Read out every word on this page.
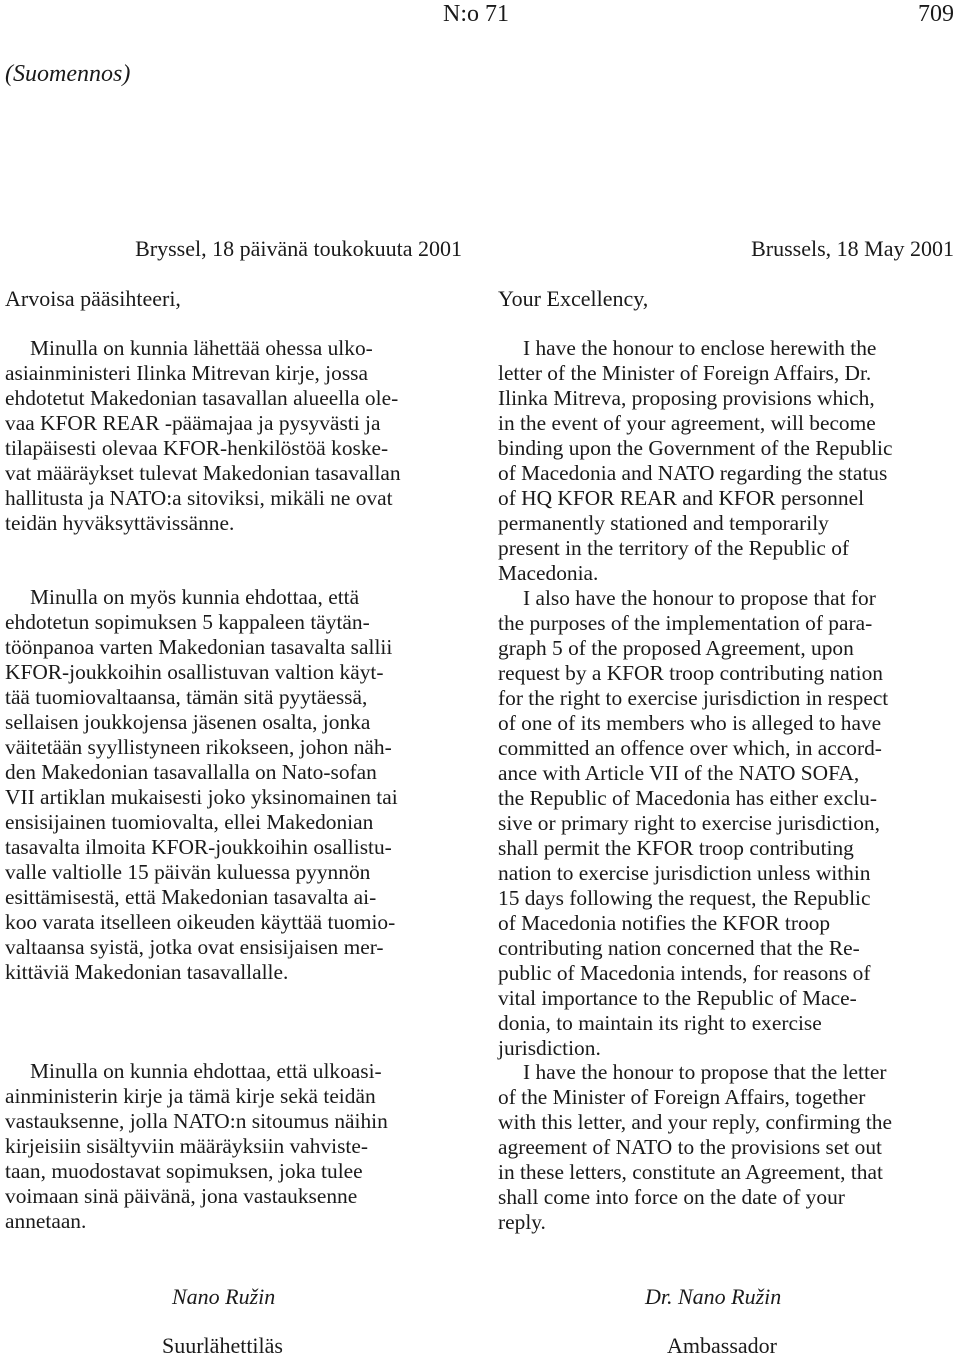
N:o 71	709
(Suomennos)
Bryssel, 18 päivänä toukokuuta 2001
Arvoisa pääsihteeri,

Minulla on kunnia lähettää ohessa ulko-
asiainministeri Ilinka Mitrevan kirje, jossa
ehdotetut Makedonian tasavallan alueella ole-
vaa KFOR REAR -päämajaa ja pysyvästi ja
tilapäisesti olevaa KFOR-henkilöstöä koske-
vat määräykset tulevat Makedonian tasavallan
hallitusta ja NATO:a sitoviksi, mikäli ne ovat
teidän hyväksyttävissänne.

Minulla on myös kunnia ehdottaa, että
ehdotetun sopimuksen 5 kappaleen täytän-
töönpanoa varten Makedonian tasavalta sallii
KFOR-joukkoihin osallistuvan valtion käyt-
tää tuomiovaltaansa, tämän sitä pyytäessä,
sellaisen joukkojensa jäsenen osalta, jonka
väitetään syyllistyneen rikokseen, johon näh-
den Makedonian tasavallalla on Nato-sofan
VII artiklan mukaisesti joko yksinomainen tai
ensisijainen tuomiovalta, ellei Makedonian
tasavalta ilmoita KFOR-joukkoihin osallistu-
valle valtiolle 15 päivän kuluessa pyynnön
esittämisestä, että Makedonian tasavalta ai-
koo varata itselleen oikeuden käyttää tuomio-
valtaansa syistä, jotka ovat ensisijaisen mer-
kittäviä Makedonian tasavallalle.

Minulla on kunnia ehdottaa, että ulkoasi-
ainministerin kirje ja tämä kirje sekä teidän
vastauksenne, jolla NATO:n sitoumus näihin
kirjeisiin sisältyviin määräyksiin vahviste-
taan, muodostavat sopimuksen, joka tulee
voimaan sinä päivänä, jona vastauksenne
annetaan.

Nano Ružin
Suurlähettiläs
Brussels, 18 May 2001
Your Excellency,

I have the honour to enclose herewith the
letter of the Minister of Foreign Affairs, Dr.
Ilinka Mitreva, proposing provisions which,
in the event of your agreement, will become
binding upon the Government of the Republic
of Macedonia and NATO regarding the status
of HQ KFOR REAR and KFOR personnel
permanently stationed and temporarily
present in the territory of the Republic of
Macedonia.

I also have the honour to propose that for
the purposes of the implementation of para-
graph 5 of the proposed Agreement, upon
request by a KFOR troop contributing nation
for the right to exercise jurisdiction in respect
of one of its members who is alleged to have
committed an offence over which, in accord-
ance with Article VII of the NATO SOFA,
the Republic of Macedonia has either exclu-
sive or primary right to exercise jurisdiction,
shall permit the KFOR troop contributing
nation to exercise jurisdiction unless within
15 days following the request, the Republic
of Macedonia notifies the KFOR troop
contributing nation concerned that the Re-
public of Macedonia intends, for reasons of
vital importance to the Republic of Mace-
donia, to maintain its right to exercise
jurisdiction.

I have the honour to propose that the letter
of the Minister of Foreign Affairs, together
with this letter, and your reply, confirming the
agreement of NATO to the provisions set out
in these letters, constitute an Agreement, that
shall come into force on the date of your
reply.

Dr. Nano Ružin
Ambassador
